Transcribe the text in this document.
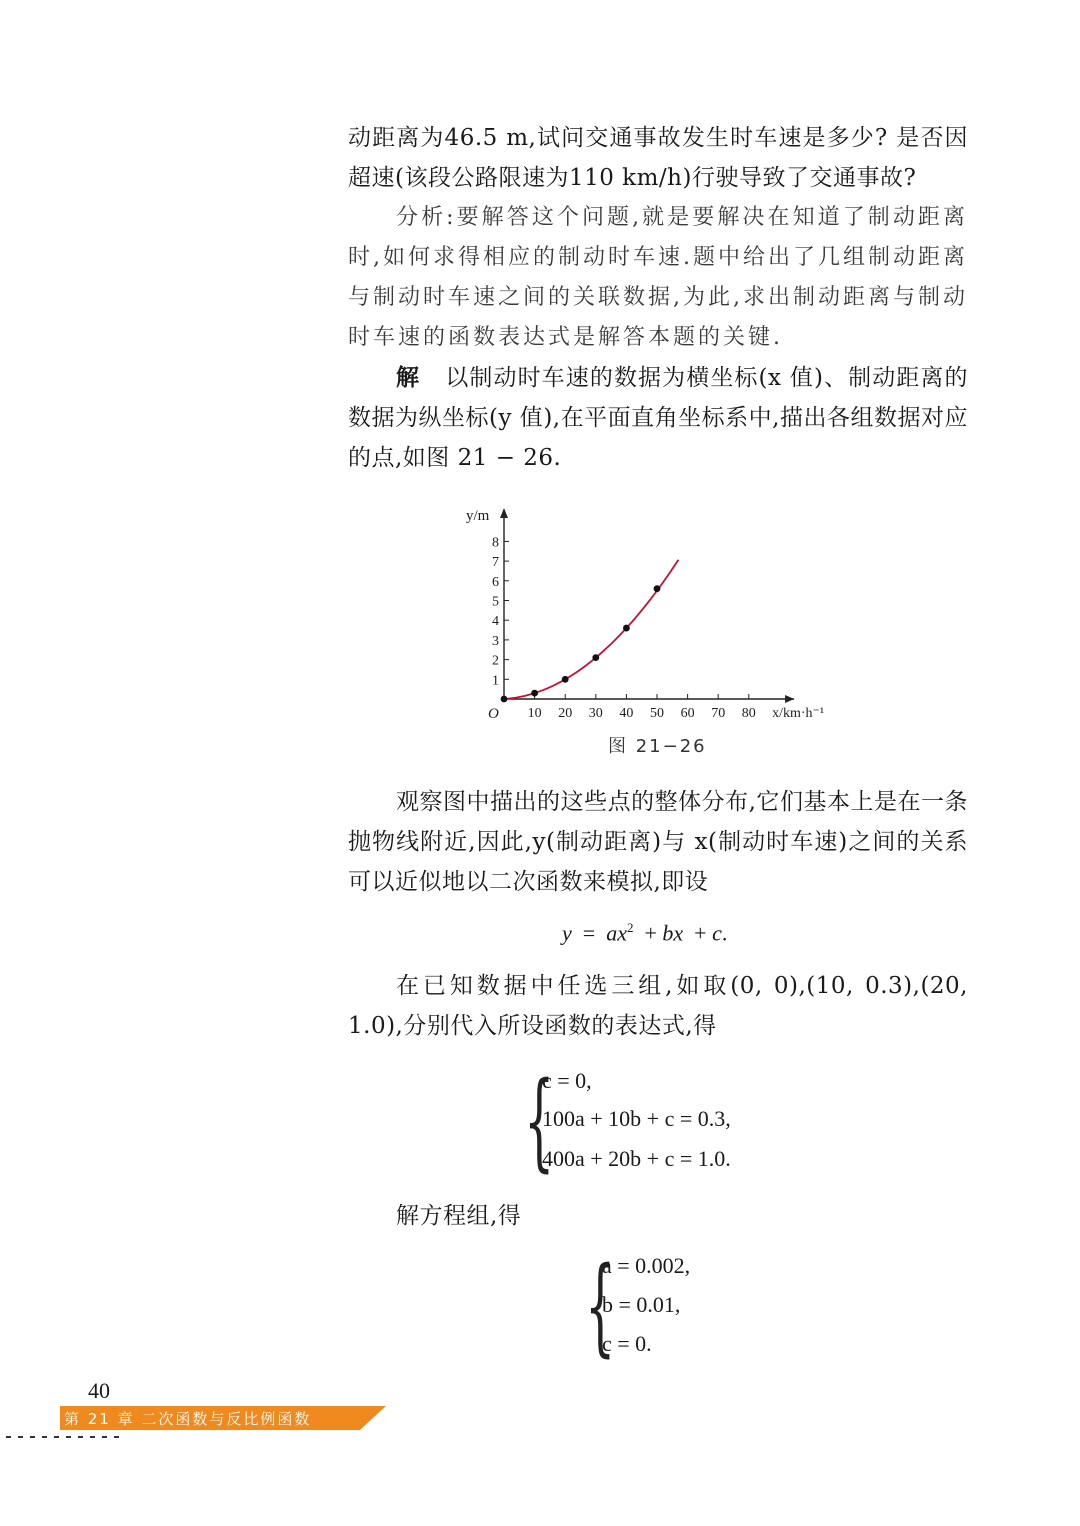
动距离为46.5 m,试问交通事故发生时车速是多少? 是否因超速(该段公路限速为110 km/h)行驶导致了交通事故?

分析:要解答这个问题,就是要解决在知道了制动距离时,如何求得相应的制动时车速.题中给出了几组制动距离与制动时车速之间的关联数据,为此,求出制动距离与制动时车速的函数表达式是解答本题的关键.

解 以制动时车速的数据为横坐标(x 值)、制动距离的数据为纵坐标(y 值),在平面直角坐标系中,描出各组数据对应的点,如图 21 − 26.

10 20 30 40 50 60 70 80
1
2
3
4
5
6
7
8
O
y/m
x/km·h⁻¹
图 21−26

观察图中描出的这些点的整体分布,它们基本上是在一条抛物线附近,因此,y(制动距离)与 x(制动时车速)之间的关系可以近似地以二次函数来模拟,即设

$y = ax^2$  + bx  + c.

在已知数据中任选三组,如取(0, 0),(10, 0.3),(20, 1.0),分别代入所设函数的表达式,得

{
c = 0,
100a + 10b + c = 0.3,
400a + 20b + c = 1.0.

解方程组,得

{
a = 0.002,
b = 0.01,
c = 0.
40
第 21 章 二次函数与反比例函数
